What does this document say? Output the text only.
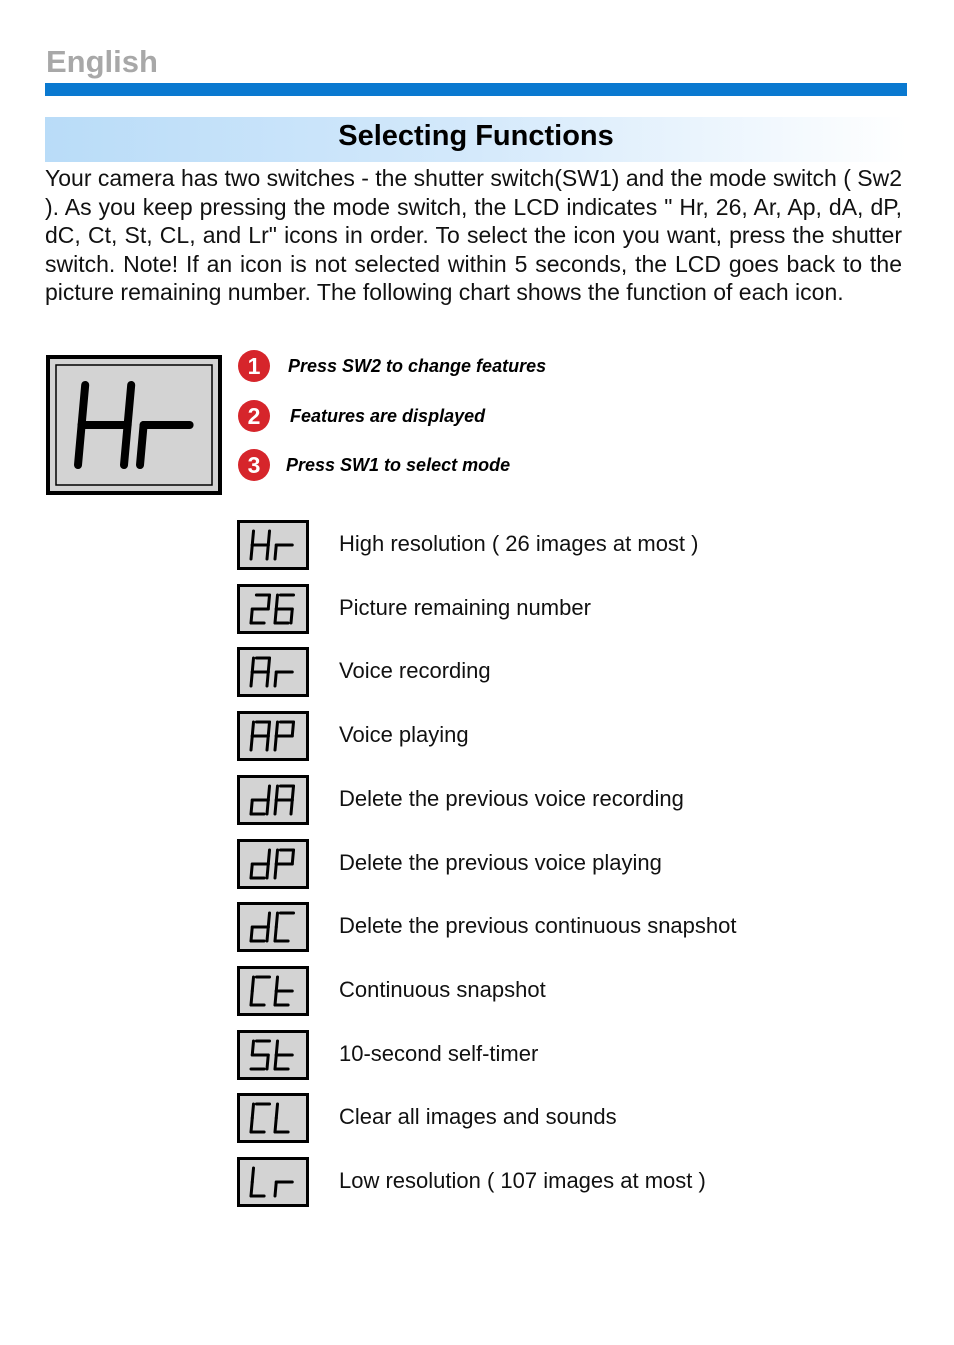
English
Selecting Functions

Your camera has two switches - the shutter switch(SW1) and the mode switch ( Sw2 ). As you keep pressing the mode switch, the LCD indicates " Hr, 26, Ar, Ap, dA, dP, dC, Ct, St, CL, and Lr" icons in order. To select the icon you want, press the shutter switch. Note! If an icon is not selected within 5 seconds, the LCD goes back to the picture remaining number. The following chart shows the function of each icon.

1	Press SW2 to change features
2	Features are displayed
3	Press SW1 to select mode
High resolution ( 26 images at most )
Picture remaining number
Voice recording
Voice playing
Delete the previous voice recording
Delete the previous voice playing
Delete the previous continuous snapshot
Continuous snapshot
10-second self-timer
Clear all images and sounds
Low resolution ( 107 images at most )
